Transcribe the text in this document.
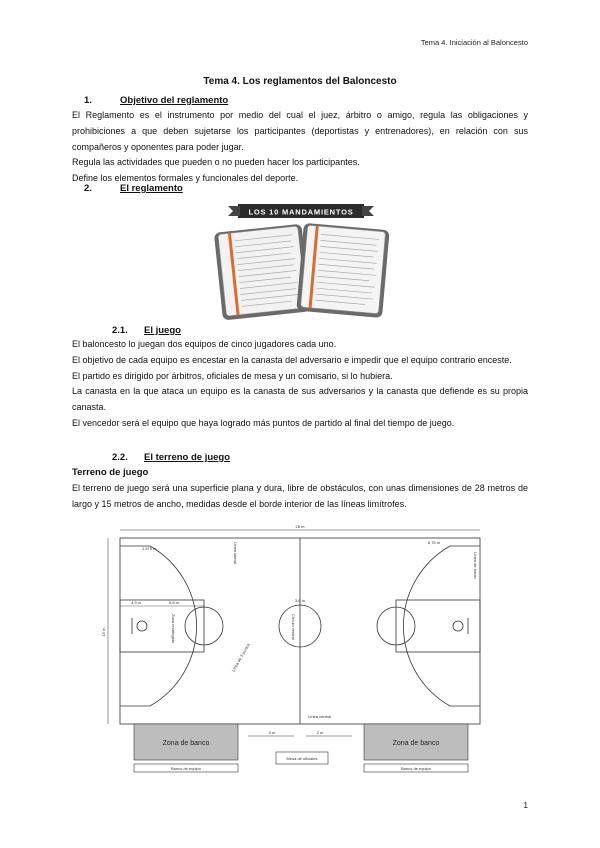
Tema 4. Iniciación al Baloncesto
Tema 4. Los reglamentos del Baloncesto
1.	Objetivo del reglamento

El Reglamento es el instrumento por medio del cual el juez, árbitro o amigo, regula las obligaciones y prohibiciones a que deben sujetarse los participantes (deportistas y entrenadores), en relación con sus compañeros y oponentes para poder jugar.

Regula las actividades que pueden o no pueden hacer los participantes.

Define los elementos formales y funcionales del deporte.

2.	El reglamento
LOS 10 MANDAMIENTOS
2.1. El juego

El baloncesto lo juegan dos equipos de cinco jugadores cada uno.

El objetivo de cada equipo es encestar en la canasta del adversario e impedir que el equipo contrario enceste.

El partido es dirigido por árbitros, oficiales de mesa y un comisario, si lo hubiera.

La canasta en la que ataca un equipo es la canasta de sus adversarios y la canasta que defiende es su propia canasta.

El vencedor será el equipo que haya logrado más puntos de partido al final del tiempo de juego.

2.2. El terreno de juego
Terreno de juego

El terreno de juego será una superficie plana y dura, libre de obstáculos, con unas dimensiones de 28 metros de largo y 15 metros de ancho, medidas desde el borde interior de las líneas limítrofes.

28 m
15 m
6,75 m
3,6 m
5,8 m
4,9 m
1,575 m
5 m	2 m
Línea central
Línea lateral	Línea de fondo
Círculo central
Zona restringida
Línea de 3 puntos
Mesa de oficiales
Banco de equipo	Banco de equipo
Zona de banco	Zona de banco
1
